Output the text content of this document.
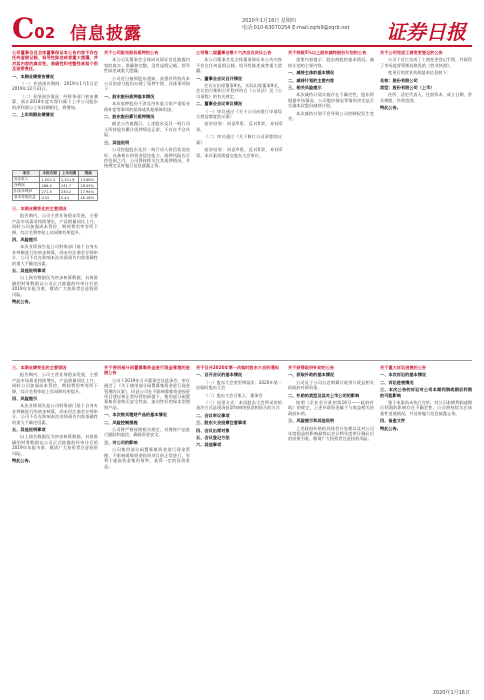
C02 信息披露
2020年1月16日 星期四
电话:010-63070254 E-mail:zqrb9@zqrb.net 证券日报

公司董事会及全体董事保证本公告内容不存在任何虚假记载、误导性陈述或者重大遗漏，并对其内容的真实性、准确性和完整性承担个别及连带责任。

一、本期业绩预告情况

（一）业绩预告期间：2019年1月1日至2019年12月31日。

（二）业绩预告情况：经财务部门初步测算，预计2019年度实现归属于上市公司股东的净利润与上年同期相比，将增加。

二、上年同期业绩情况

项目	本报告期	上年同期	增减
营业收入	1,502.3	1,321.8	13.66%
净利润	286.4	241.7	18.49%
扣非净利润	271.5	230.2	17.94%
基本每股收益	0.52	0.44	18.18%

三、本期业绩变化的主要原因

报告期内，公司主营业务稳步发展，主要产品市场需求持续增长，产品销量同比上升；同时公司加强成本管控，期间费用率有所下降，综合毛利率较上年同期有所提升。

四、风险提示

本次业绩预告是公司财务部门基于自身专业判断进行的初步核算，尚未经注册会计师审计。公司不存在影响本次业绩预告内容准确性的重大不确定因素。

五、其他说明事项

以上预告数据仅为初步核算数据，具体准确的财务数据以公司正式披露的经审计后的2019年年报为准，敬请广大投资者注意投资风险。

特此公告。

关于公司股东股份质押的公告

本公司及董事会全体成员保证信息披露内容的真实、准确和完整，没有虚假记载、误导性陈述或重大遗漏。

公司近日接到股东通知，获悉其所持有本公司的部分股份办理了质押手续，具体事项如下：

一、股东股份质押基本情况

本次质押股份不涉及用作重大资产重组业绩补偿等事项的担保或其他保障用途。

二、股东股份累计质押情况

截至公告披露日，上述股东及其一致行动人所持股份累计质押情况正常，不存在平仓风险。

三、其他说明

公司控股股东及其一致行动人资信状况良好，具备相应的资金偿还能力，质押风险在可控范围之内。公司将持续关注其质押情况，并按规定及时履行信息披露义务。

公司第二届董事会第十六次会议决议公告

本公司董事会及全体董事保证本公告内容不存在任何虚假记载、误导性陈述或者重大遗漏。

一、董事会会议召开情况

会议应出席董事9名，实际出席董事9名，会议的召集和召开程序符合《公司法》及《公司章程》的有关规定。

二、董事会会议审议情况

（一）审议通过《关于公司向银行申请综合授信额度的议案》

表决结果：同意9票，反对0票，弃权0票。

（二）审议通过《关于修订公司章程的议案》

表决结果：同意9票，反对0票，弃权0票。本议案尚需提交股东大会审议。

关于持股5%以上股东减持股份计划的公告

重要内容提示：股东持股的基本情况；减持计划的主要内容。

一、减持主体的基本情况

二、减持计划的主要内容

三、相关风险提示

本次减持计划实施存在不确定性，股东将根据市场情况、公司股价情况等情形决定是否实施本次股份减持计划。

本次减持计划不会导致公司控制权发生变更。

关于公司完成工商变更登记的公告

公司于近日完成了工商变更登记手续，并取得了市场监督管理局换发的《营业执照》。

变更后的营业执照基本信息如下：

名称：股份有限公司

类型：股份有限公司（上市）

住所、法定代表人、注册资本、成立日期、营业期限、经营范围。

特此公告。

三、本期业绩变化的主要原因

报告期内，公司主营业务稳步发展，主要产品市场需求持续增长，产品销量同比上升；同时公司加强成本管控，期间费用率有所下降，综合毛利率较上年同期有所提升。

四、风险提示

本次业绩预告是公司财务部门基于自身专业判断进行的初步核算，尚未经注册会计师审计。公司不存在影响本次业绩预告内容准确性的重大不确定因素。

五、其他说明事项

以上预告数据仅为初步核算数据，具体准确的财务数据以公司正式披露的经审计后的2019年年报为准，敬请广大投资者注意投资风险。

特此公告。

关于使用部分闲置募集资金进行现金管理的进展公告

公司于2019年召开董事会及监事会，审议通过了《关于使用部分闲置募集资金进行现金管理的议案》，同意公司在不影响募集资金投资项目建设和正常经营的前提下，使用部分闲置募集资金购买安全性高、流动性好的保本型理财产品。

一、本次购买理财产品的基本情况

二、风险控制措施

公司将严格按照相关规定，对理财产品进行跟踪和监控，确保资金安全。

三、对公司的影响

公司使用部分闲置募集资金进行现金管理，不影响募集资金投资项目的正常进行，有利于提高资金使用效率，获得一定的投资收益。

关于召开2020年第一次临时股东大会的通知

一、召开会议的基本情况

（一）股东大会类型和届次：2020年第一次临时股东大会

（二）股东大会召集人：董事会

（三）投票方式：本次股东大会所采用的表决方式是现场投票和网络投票相结合的方式

二、会议审议事项

三、股东大会投票注意事项

四、会议出席对象

五、会议登记方法

六、其他事项

关于获得政府补助的公告

一、获取补助的基本情况

公司及子公司自近期累计收到与收益相关的政府补助资金。

二、补助的类型及其对上市公司的影响

按照《企业会计准则第16号——政府补助》的规定，上述补助资金属于与收益相关的政府补助。

三、风险提示和其他说明

上述政府补助的具体会计处理以及对公司年度损益的影响最终以会计师年度审计确认后的结果为准，敬请广大投资者注意投资风险。

关于重大诉讼进展的公告

一、本次诉讼的基本情况

二、诉讼进展情况

三、本次公告的诉讼对公司本期利润或期后利润的可能影响

鉴于本案尚未执行完毕，对公司本期利润或期后利润的影响存在不确定性。公司将持续关注该案件进展情况，并及时履行信息披露义务。

四、备查文件

特此公告。

2020年1月16日
